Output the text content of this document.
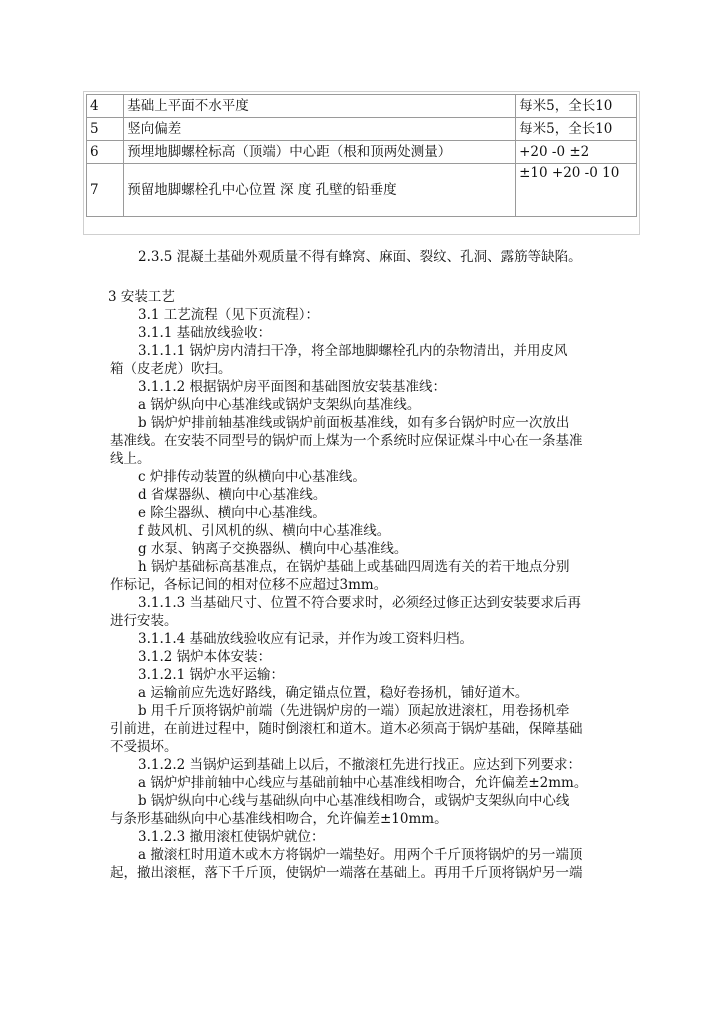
4	基础上平面不水平度	每米5，全长10
5	竖向偏差	每米5，全长10
6	预埋地脚螺栓标高（顶端）中心距（根和顶两处测量）	+20 -0 ±2
7	预留地脚螺栓孔中心位置 深 度 孔壁的铅垂度	±10 +20 -0 10

2.3.5 混凝土基础外观质量不得有蜂窝、麻面、裂纹、孔洞、露筋等缺陷。

3 安装工艺

3.1 工艺流程（见下页流程）：

3.1.1 基础放线验收：

3.1.1.1 锅炉房内清扫干净，将全部地脚螺栓孔内的杂物清出，并用皮风

箱（皮老虎）吹扫。

3.1.1.2 根据锅炉房平面图和基础图放安装基准线：

a 锅炉纵向中心基准线或锅炉支架纵向基准线。

b 锅炉炉排前轴基准线或锅炉前面板基准线，如有多台锅炉时应一次放出

基准线。在安装不同型号的锅炉而上煤为一个系统时应保证煤斗中心在一条基准

线上。

c 炉排传动装置的纵横向中心基准线。

d 省煤器纵、横向中心基准线。

e 除尘器纵、横向中心基准线。

f 鼓风机、引风机的纵、横向中心基准线。

g 水泵、钠离子交换器纵、横向中心基准线。

h 锅炉基础标高基准点，在锅炉基础上或基础四周选有关的若干地点分别

作标记，各标记间的相对位移不应超过3mm。

3.1.1.3 当基础尺寸、位置不符合要求时，必须经过修正达到安装要求后再

进行安装。

3.1.1.4 基础放线验收应有记录，并作为竣工资料归档。

3.1.2 锅炉本体安装：

3.1.2.1 锅炉水平运输：

a 运输前应先选好路线，确定锚点位置，稳好卷扬机，铺好道木。

b 用千斤顶将锅炉前端（先进锅炉房的一端）顶起放进滚杠，用卷扬机牵

引前进，在前进过程中，随时倒滚杠和道木。道木必须高于锅炉基础，保障基础

不受损坏。

3.1.2.2 当锅炉运到基础上以后，不撤滚杠先进行找正。应达到下列要求：

a 锅炉炉排前轴中心线应与基础前轴中心基准线相吻合，允许偏差±2mm。

b 锅炉纵向中心线与基础纵向中心基准线相吻合，或锅炉支架纵向中心线

与条形基础纵向中心基准线相吻合，允许偏差±10mm。

3.1.2.3 撤用滚杠使锅炉就位：

a 撤滚杠时用道木或木方将锅炉一端垫好。用两个千斤顶将锅炉的另一端顶

起，撤出滚框，落下千斤顶，使锅炉一端落在基础上。再用千斤顶将锅炉另一端
